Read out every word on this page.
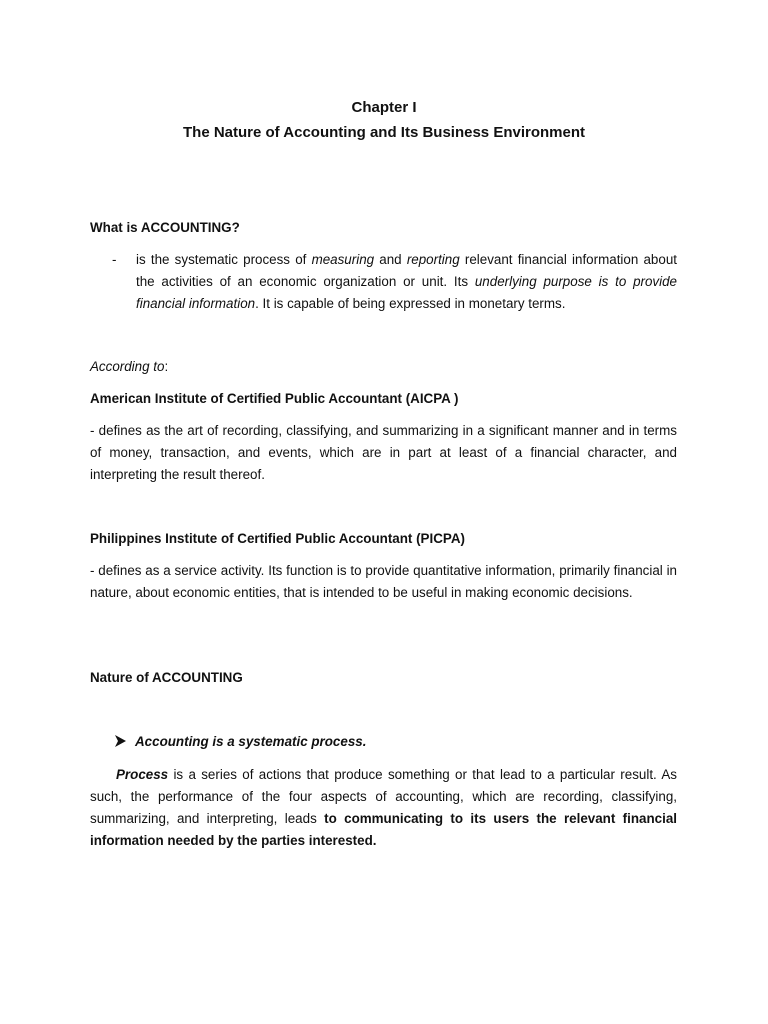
Chapter I
The Nature of Accounting and Its Business Environment
What is ACCOUNTING?
-	is the systematic process of measuring and reporting relevant financial information about the activities of an economic organization or unit. Its underlying purpose is to provide financial information. It is capable of being expressed in monetary terms.
According to:
American Institute of Certified Public Accountant (AICPA )
- defines as the art of recording, classifying, and summarizing in a significant manner and in terms of money, transaction, and events, which are in part at least of a financial character, and interpreting the result thereof.
Philippines Institute of Certified Public Accountant (PICPA)
- defines as a service activity. Its function is to provide quantitative information, primarily financial in nature, about economic entities, that is intended to be useful in making economic decisions.
Nature of ACCOUNTING
Accounting is a systematic process.
Process is a series of actions that produce something or that lead to a particular result. As such, the performance of the four aspects of accounting, which are recording, classifying, summarizing, and interpreting, leads to communicating to its users the relevant financial information needed by the parties interested.
